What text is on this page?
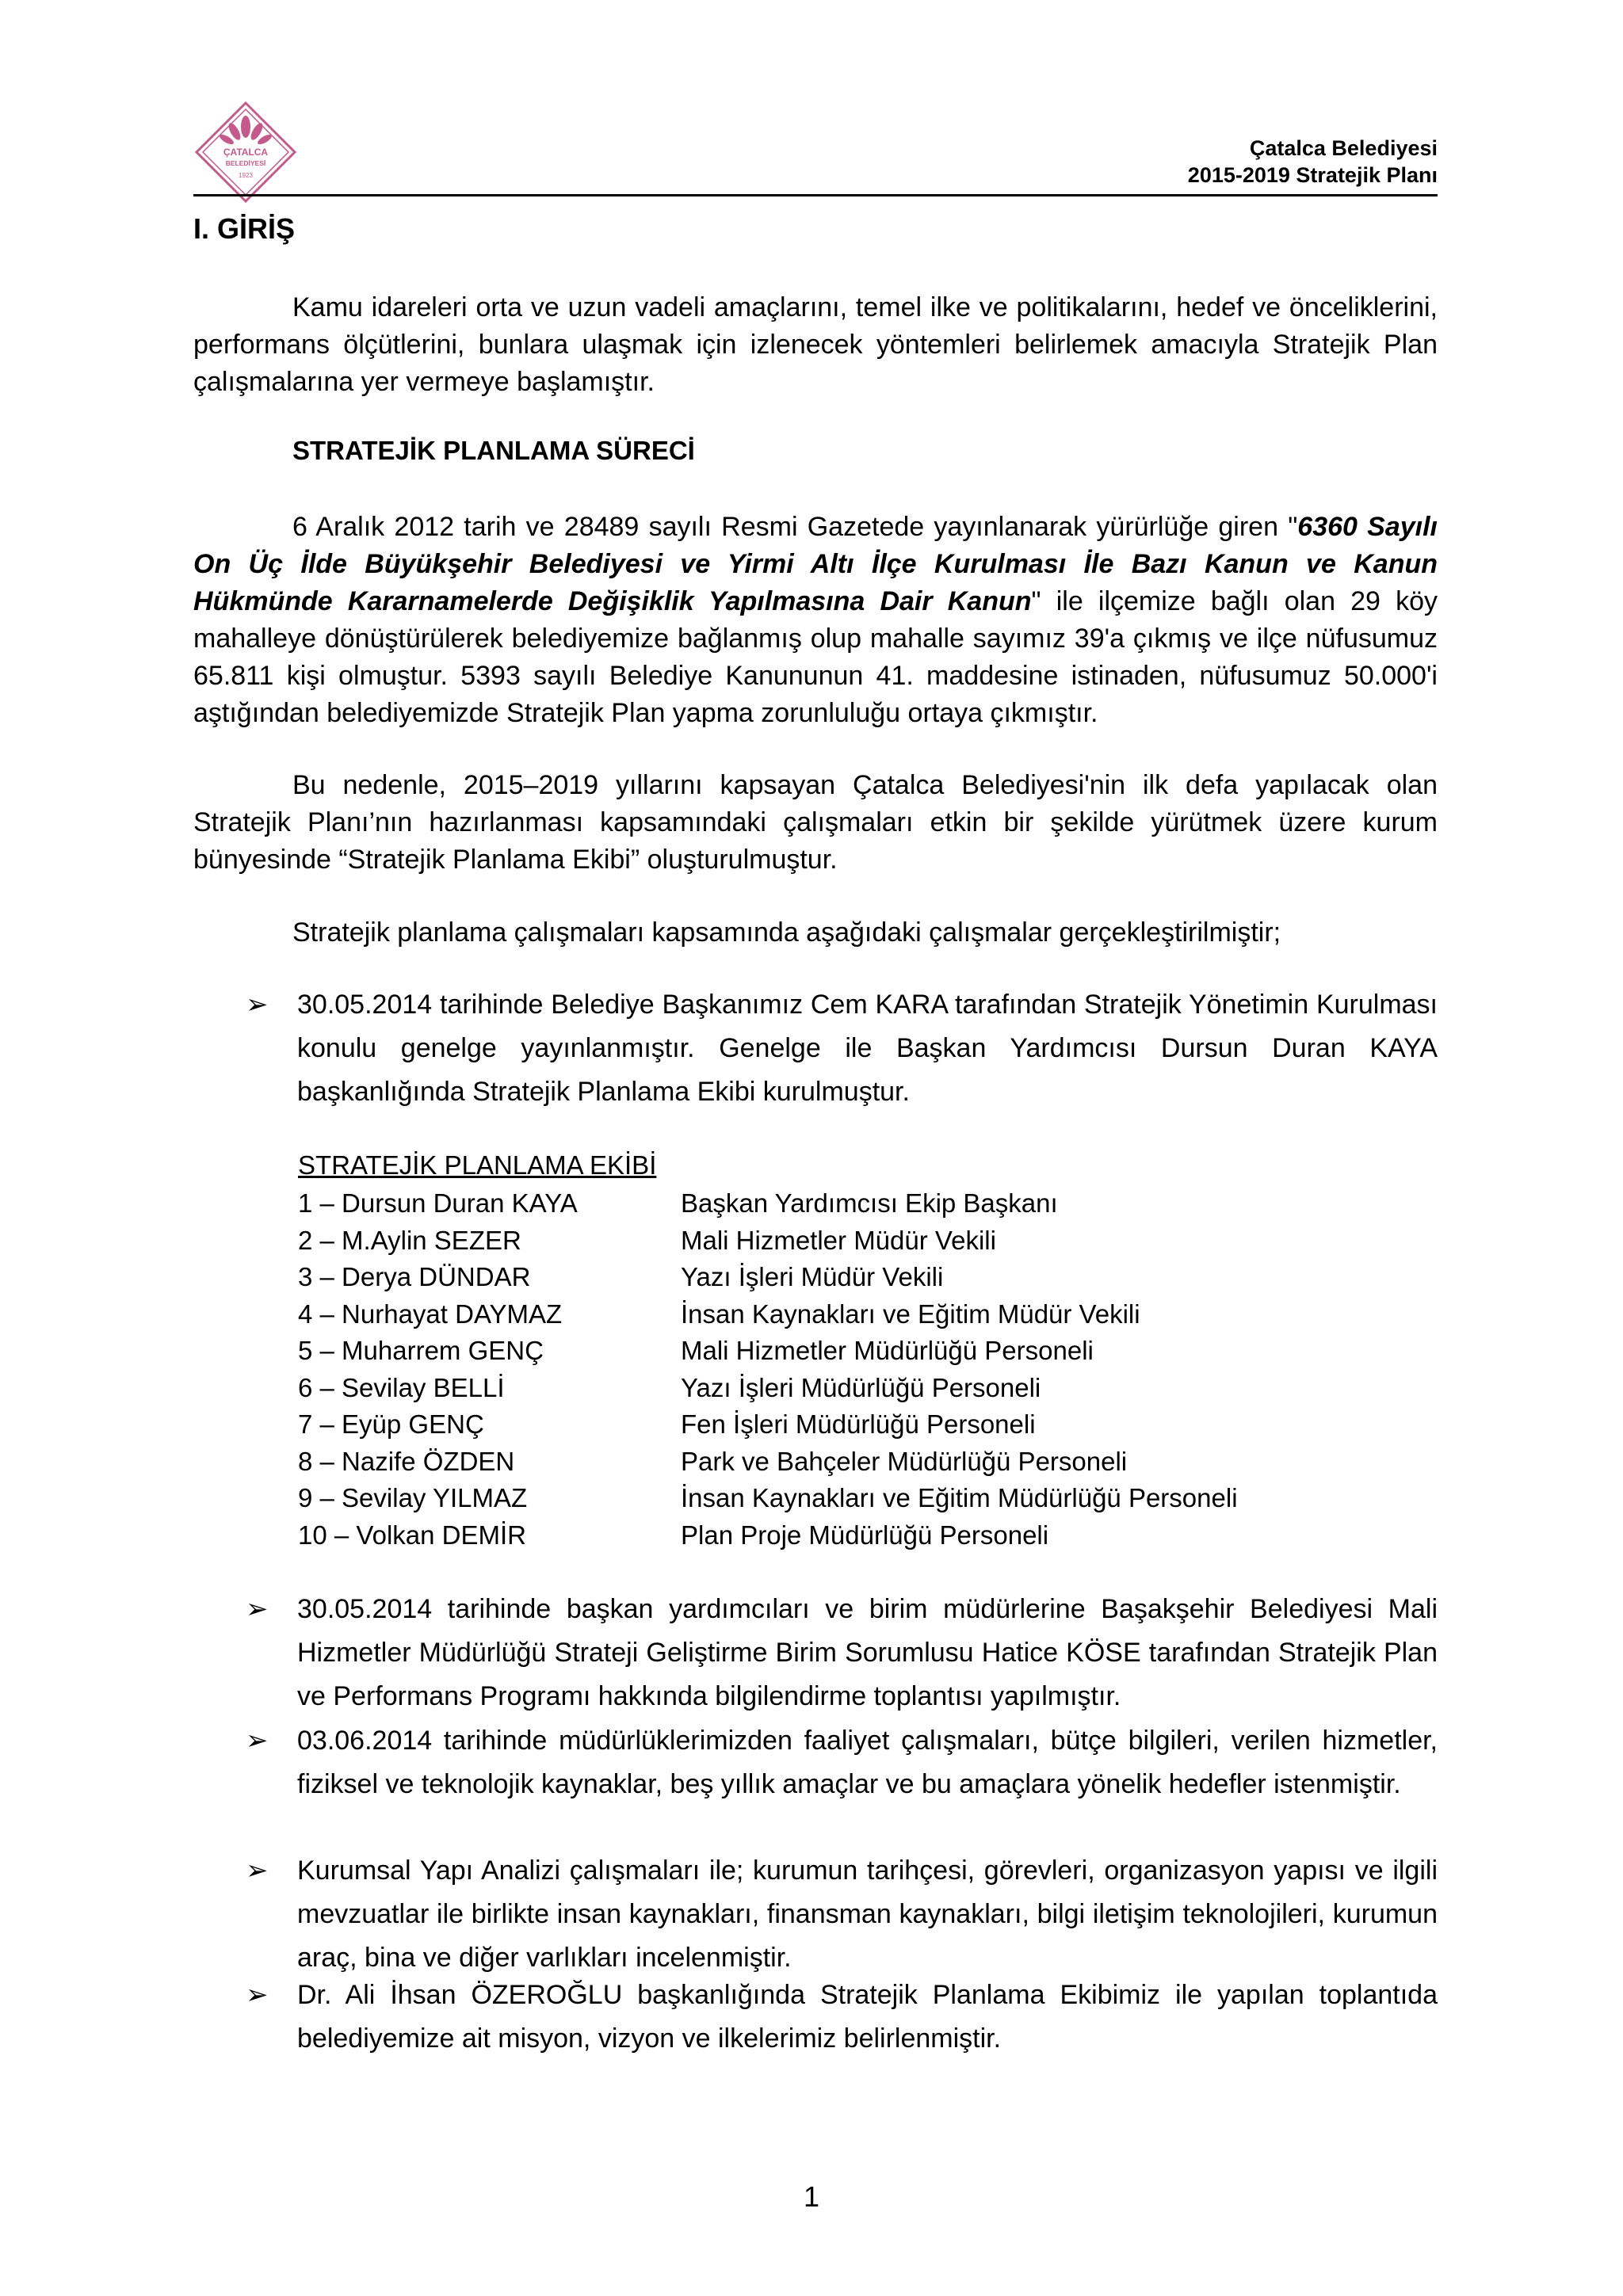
ÇATALCA
BELEDİYESİ
1923
Çatalca Belediyesi
2015-2019 Stratejik Planı
I. GİRİŞ
Kamu idareleri orta ve uzun vadeli amaçlarını, temel ilke ve politikalarını, hedef ve önceliklerini, performans ölçütlerini, bunlara ulaşmak için izlenecek yöntemleri belirlemek amacıyla Stratejik Plan çalışmalarına yer vermeye başlamıştır.
STRATEJİK PLANLAMA SÜRECİ
6 Aralık 2012 tarih ve 28489 sayılı Resmi Gazetede yayınlanarak yürürlüğe giren "6360 Sayılı On Üç İlde Büyükşehir Belediyesi ve Yirmi Altı İlçe Kurulması İle Bazı Kanun ve Kanun Hükmünde Kararnamelerde Değişiklik Yapılmasına Dair Kanun" ile ilçemize bağlı olan 29 köy mahalleye dönüştürülerek belediyemize bağlanmış olup mahalle sayımız 39'a çıkmış ve ilçe nüfusumuz 65.811 kişi olmuştur. 5393 sayılı Belediye Kanununun 41. maddesine istinaden, nüfusumuz 50.000'i aştığından belediyemizde Stratejik Plan yapma zorunluluğu ortaya çıkmıştır.
Bu nedenle, 2015–2019 yıllarını kapsayan Çatalca Belediyesi'nin ilk defa yapılacak olan Stratejik Planı’nın hazırlanması kapsamındaki çalışmaları etkin bir şekilde yürütmek üzere kurum bünyesinde “Stratejik Planlama Ekibi” oluşturulmuştur.
Stratejik planlama çalışmaları kapsamında aşağıdaki çalışmalar gerçekleştirilmiştir;
➢	30.05.2014 tarihinde Belediye Başkanımız Cem KARA tarafından Stratejik Yönetimin Kurulması konulu genelge yayınlanmıştır. Genelge ile Başkan Yardımcısı Dursun Duran KAYA başkanlığında Stratejik Planlama Ekibi kurulmuştur.
STRATEJİK PLANLAMA EKİBİ
1 – Dursun Duran KAYA	Başkan Yardımcısı Ekip Başkanı
2 – M.Aylin SEZER	Mali Hizmetler Müdür Vekili
3 – Derya DÜNDAR	Yazı İşleri Müdür Vekili
4 – Nurhayat DAYMAZ	İnsan Kaynakları ve Eğitim Müdür Vekili
5 – Muharrem GENÇ	Mali Hizmetler Müdürlüğü Personeli
6 – Sevilay BELLİ	Yazı İşleri Müdürlüğü Personeli
7 – Eyüp GENÇ	Fen İşleri Müdürlüğü Personeli
8 – Nazife ÖZDEN	Park ve Bahçeler Müdürlüğü Personeli
9 – Sevilay YILMAZ	İnsan Kaynakları ve Eğitim Müdürlüğü Personeli
10 – Volkan DEMİR	Plan Proje Müdürlüğü Personeli
➢	30.05.2014 tarihinde başkan yardımcıları ve birim müdürlerine Başakşehir Belediyesi Mali Hizmetler Müdürlüğü Strateji Geliştirme Birim Sorumlusu Hatice KÖSE tarafından Stratejik Plan ve Performans Programı hakkında bilgilendirme toplantısı yapılmıştır.
➢	03.06.2014 tarihinde müdürlüklerimizden faaliyet çalışmaları, bütçe bilgileri, verilen hizmetler, fiziksel ve teknolojik kaynaklar, beş yıllık amaçlar ve bu amaçlara yönelik hedefler istenmiştir.
➢	Kurumsal Yapı Analizi çalışmaları ile; kurumun tarihçesi, görevleri, organizasyon yapısı ve ilgili mevzuatlar ile birlikte insan kaynakları, finansman kaynakları, bilgi iletişim teknolojileri, kurumun araç, bina ve diğer varlıkları incelenmiştir.
➢	Dr. Ali İhsan ÖZEROĞLU başkanlığında Stratejik Planlama Ekibimiz ile yapılan toplantıda belediyemize ait misyon, vizyon ve ilkelerimiz belirlenmiştir.
1
